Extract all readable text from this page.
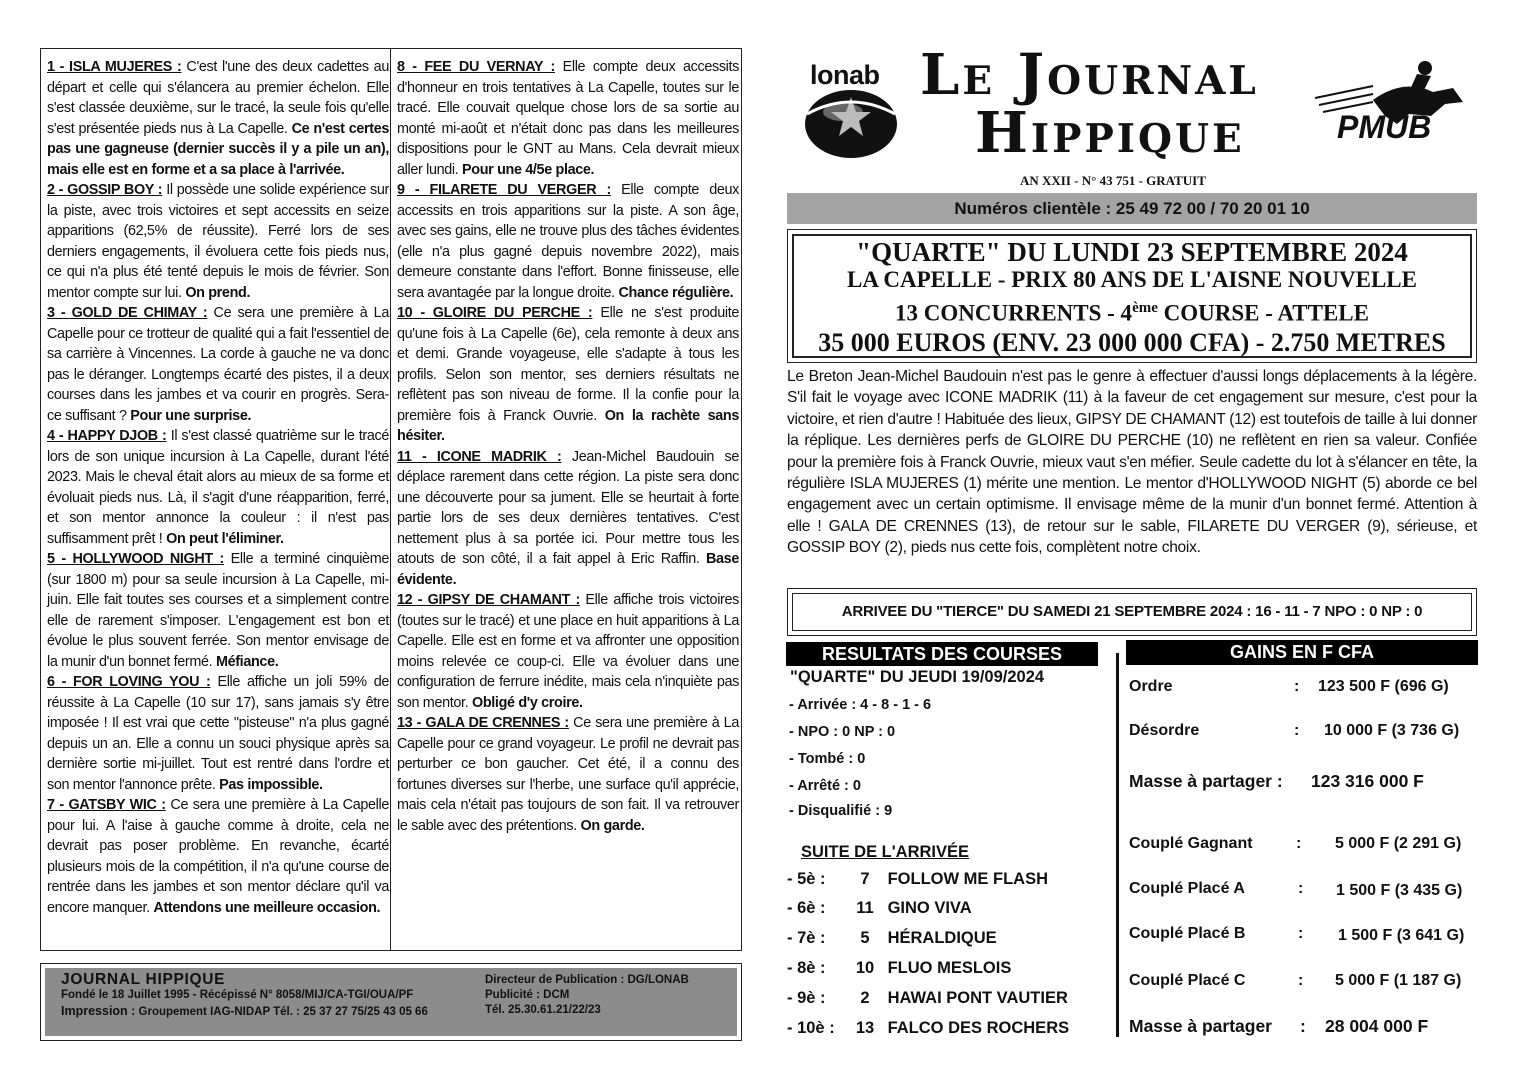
1 - ISLA MUJERES : C'est l'une des deux cadettes au départ et celle qui s'élancera au premier échelon. Elle s'est classée deuxième, sur le tracé, la seule fois qu'elle s'est présentée pieds nus à La Capelle. Ce n'est certes pas une gagneuse (dernier succès il y a pile un an), mais elle est en forme et a sa place à l'arrivée.

2 - GOSSIP BOY : Il possède une solide expérience sur la piste, avec trois victoires et sept accessits en seize apparitions (62,5% de réussite). Ferré lors de ses derniers engagements, il évoluera cette fois pieds nus, ce qui n'a plus été tenté depuis le mois de février. Son mentor compte sur lui. On prend.

3 - GOLD DE CHIMAY : Ce sera une première à La Capelle pour ce trotteur de qualité qui a fait l'essentiel de sa carrière à Vincennes. La corde à gauche ne va donc pas le déranger. Longtemps écarté des pistes, il a deux courses dans les jambes et va courir en progrès. Sera-ce suffisant ? Pour une surprise.

4 - HAPPY DJOB : Il s'est classé quatrième sur le tracé lors de son unique incursion à La Capelle, durant l'été 2023. Mais le cheval était alors au mieux de sa forme et évoluait pieds nus. Là, il s'agit d'une réapparition, ferré, et son mentor annonce la couleur : il n'est pas suffisamment prêt ! On peut l'éliminer.

5 - HOLLYWOOD NIGHT : Elle a terminé cinquième (sur 1800 m) pour sa seule incursion à La Capelle, mi-juin. Elle fait toutes ses courses et a simplement contre elle de rarement s'imposer. L'engagement est bon et évolue le plus souvent ferrée. Son mentor envisage de la munir d'un bonnet fermé. Méfiance.

6 - FOR LOVING YOU : Elle affiche un joli 59% de réussite à La Capelle (10 sur 17), sans jamais s'y être imposée ! Il est vrai que cette "pisteuse" n'a plus gagné depuis un an. Elle a connu un souci physique après sa dernière sortie mi-juillet. Tout est rentré dans l'ordre et son mentor l'annonce prête. Pas impossible.

7 - GATSBY WIC : Ce sera une première à La Capelle pour lui. A l'aise à gauche comme à droite, cela ne devrait pas poser problème. En revanche, écarté plusieurs mois de la compétition, il n'a qu'une course de rentrée dans les jambes et son mentor déclare qu'il va encore manquer. Attendons une meilleure occasion.

8 - FEE DU VERNAY : Elle compte deux accessits d'honneur en trois tentatives à La Capelle, toutes sur le tracé. Elle couvait quelque chose lors de sa sortie au monté mi-août et n'était donc pas dans les meilleures dispositions pour le GNT au Mans. Cela devrait mieux aller lundi. Pour une 4/5e place.

9 - FILARETE DU VERGER : Elle compte deux accessits en trois apparitions sur la piste. A son âge, avec ses gains, elle ne trouve plus des tâches évidentes (elle n'a plus gagné depuis novembre 2022), mais demeure constante dans l'effort. Bonne finisseuse, elle sera avantagée par la longue droite. Chance régulière.

10 - GLOIRE DU PERCHE : Elle ne s'est produite qu'une fois à La Capelle (6e), cela remonte à deux ans et demi. Grande voyageuse, elle s'adapte à tous les profils. Selon son mentor, ses derniers résultats ne reflètent pas son niveau de forme. Il la confie pour la première fois à Franck Ouvrie. On la rachète sans hésiter.

11 - ICONE MADRIK : Jean-Michel Baudouin se déplace rarement dans cette région. La piste sera donc une découverte pour sa jument. Elle se heurtait à forte partie lors de ses deux dernières tentatives. C'est nettement plus à sa portée ici. Pour mettre tous les atouts de son côté, il a fait appel à Eric Raffin. Base évidente.

12 - GIPSY DE CHAMANT : Elle affiche trois victoires (toutes sur le tracé) et une place en huit apparitions à La Capelle. Elle est en forme et va affronter une opposition moins relevée ce coup-ci. Elle va évoluer dans une configuration de ferrure inédite, mais cela n'inquiète pas son mentor. Obligé d'y croire.

13 - GALA DE CRENNES : Ce sera une première à La Capelle pour ce grand voyageur. Le profil ne devrait pas perturber ce bon gaucher. Cet été, il a connu des fortunes diverses sur l'herbe, une surface qu'il apprécie, mais cela n'était pas toujours de son fait. Il va retrouver le sable avec des prétentions. On garde.

JOURNAL HIPPIQUE
Fondé le 18 Juillet 1995 - Récépissé N° 8058/MIJ/CA-TGI/OUA/PF
Impression : Groupement IAG-NIDAP Tél. : 25 37 27 75/25 43 05 66
Directeur de Publication : DG/LONAB
Publicité : DCM
Tél. 25.30.61.21/22/23
lonab Le Journal
Hippique
AN XXII - N° 43 751 - GRATUIT
PMUB
Numéros clientèle : 25 49 72 00 / 70 20 01 10
"QUARTE" DU LUNDI 23 SEPTEMBRE 2024
LA CAPELLE - PRIX 80 ANS DE L'AISNE NOUVELLE
13 CONCURRENTS - 4ème COURSE - ATTELE
35 000 EUROS (ENV. 23 000 000 CFA) - 2.750 METRES
Le Breton Jean-Michel Baudouin n'est pas le genre à effectuer d'aussi longs déplacements à la légère. S'il fait le voyage avec ICONE MADRIK (11) à la faveur de cet engagement sur mesure, c'est pour la victoire, et rien d'autre ! Habituée des lieux, GIPSY DE CHAMANT (12) est toutefois de taille à lui donner la réplique. Les dernières perfs de GLOIRE DU PERCHE (10) ne reflètent en rien sa valeur. Confiée pour la première fois à Franck Ouvrie, mieux vaut s'en méfier. Seule cadette du lot à s'élancer en tête, la régulière ISLA MUJERES (1) mérite une mention. Le mentor d'HOLLYWOOD NIGHT (5) aborde ce bel engagement avec un certain optimisme. Il envisage même de la munir d'un bonnet fermé. Attention à elle ! GALA DE CRENNES (13), de retour sur le sable, FILARETE DU VERGER (9), sérieuse, et GOSSIP BOY (2), pieds nus cette fois, complètent notre choix.
ARRIVEE DU "TIERCE" DU SAMEDI 21 SEPTEMBRE 2024 : 16 - 11 - 7 NPO : 0 NP : 0
RESULTATS DES COURSES	GAINS EN F CFA
"QUARTE" DU JEUDI 19/09/2024
- Arrivée : 4 - 8 - 1 - 6
- NPO : 0 NP : 0
- Tombé : 0
- Arrêté : 0
- Disqualifié : 9
SUITE DE L'ARRIVÉE
- 5è : 7 FOLLOW ME FLASH
- 6è : 11 GINO VIVA
- 7è : 5 HÉRALDIQUE
- 8è : 10 FLUO MESLOIS
- 9è : 2 HAWAI PONT VAUTIER
- 10è : 13 FALCO DES ROCHERS
Ordre	: 123 500 F (696 G)
Désordre	: 10 000 F (3 736 G)
Masse à partager : 123 316 000 F
Couplé Gagnant	: 5 000 F (2 291 G)
Couplé Placé A	: 1 500 F (3 435 G)
Couplé Placé B	: 1 500 F (3 641 G)
Couplé Placé C	: 5 000 F (1 187 G)
Masse à partager : 28 004 000 F
